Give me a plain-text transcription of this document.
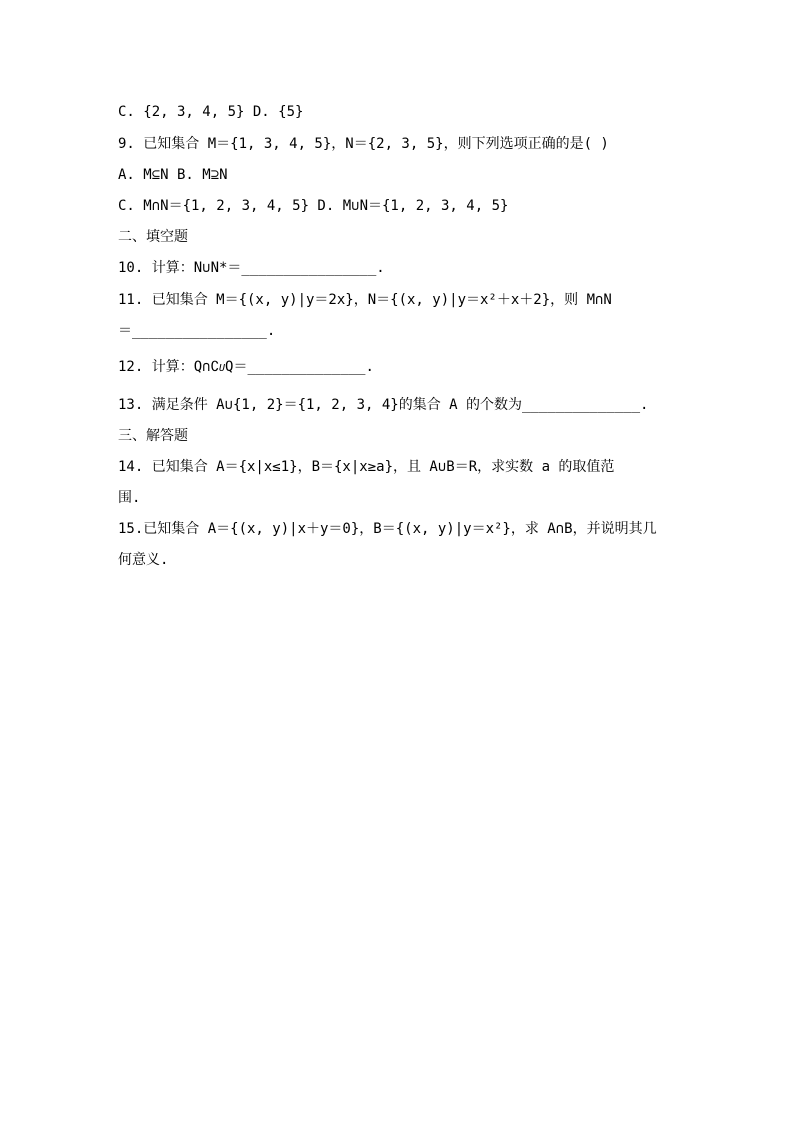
C. {2, 3, 4, 5} D. {5}
9. 已知集合 M＝{1, 3, 4, 5}，N＝{2, 3, 5}，则下列选项正确的是( )
A. M⊆N B. M⊇N
C. M∩N＝{1, 2, 3, 4, 5} D. M∪N＝{1, 2, 3, 4, 5}
二、填空题
10. 计算：N∪N*＝________________.
11. 已知集合 M＝{(x, y)|y＝2x}，N＝{(x, y)|y＝x²＋x＋2}，则 M∩N
＝________________.
12. 计算：Q∩∁UQ＝______________.
13. 满足条件 A∪{1, 2}＝{1, 2, 3, 4}的集合 A 的个数为______________.
三、解答题
14. 已知集合 A＝{x|x≤1}，B＝{x|x≥a}，且 A∪B＝R，求实数 a 的取值范
围.
15.已知集合 A＝{(x, y)|x＋y＝0}，B＝{(x, y)|y＝x²}，求 A∩B，并说明其几
何意义.
